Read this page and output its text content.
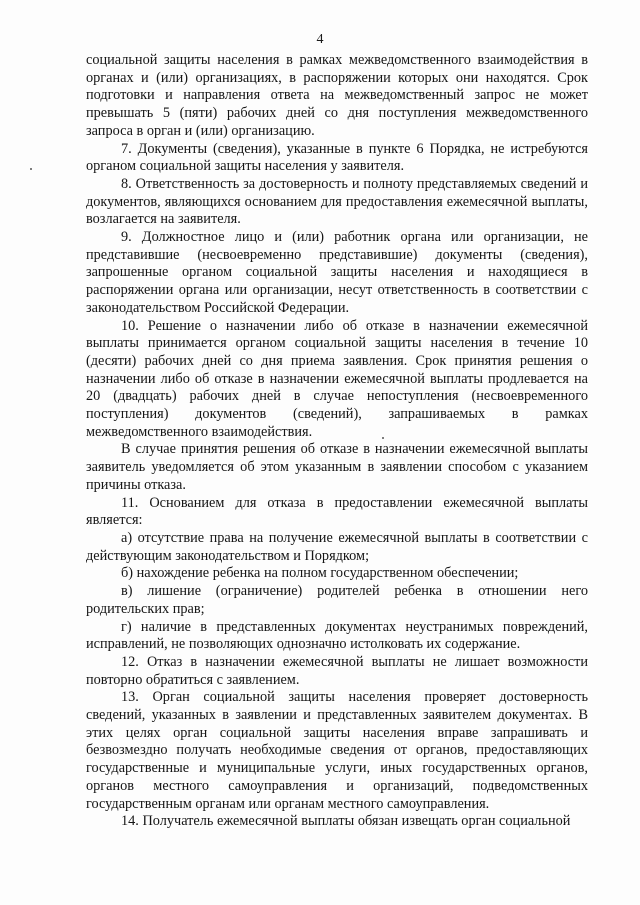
4

социальной защиты населения в рамках межведомственного взаимодействия в органах и (или) организациях, в распоряжении которых они находятся. Срок подготовки и направления ответа на межведомственный запрос не может превышать 5 (пяти) рабочих дней со дня поступления межведомственного запроса в орган и (или) организацию.

7. Документы (сведения), указанные в пункте 6 Порядка, не истребуются органом социальной защиты населения у заявителя.

8. Ответственность за достоверность и полноту представляемых сведений и документов, являющихся основанием для предоставления ежемесячной выплаты, возлагается на заявителя.

9. Должностное лицо и (или) работник органа или организации, не представившие (несвоевременно представившие) документы (сведения), запрошенные органом социальной защиты населения и находящиеся в распоряжении органа или организации, несут ответственность в соответствии с законодательством Российской Федерации.

10. Решение о назначении либо об отказе в назначении ежемесячной выплаты принимается органом социальной защиты населения в течение 10 (десяти) рабочих дней со дня приема заявления. Срок принятия решения о назначении либо об отказе в назначении ежемесячной выплаты продлевается на 20 (двадцать) рабочих дней в случае непоступления (несвоевременного поступления) документов (сведений), запрашиваемых в рамках межведомственного взаимодействия.

В случае принятия решения об отказе в назначении ежемесячной выплаты заявитель уведомляется об этом указанным в заявлении способом с указанием причины отказа.

11. Основанием для отказа в предоставлении ежемесячной выплаты является:

а) отсутствие права на получение ежемесячной выплаты в соответствии с действующим законодательством и Порядком;

б) нахождение ребенка на полном государственном обеспечении;

в) лишение (ограничение) родителей ребенка в отношении него родительских прав;

г) наличие в представленных документах неустранимых повреждений, исправлений, не позволяющих однозначно истолковать их содержание.

12. Отказ в назначении ежемесячной выплаты не лишает возможности повторно обратиться с заявлением.

13. Орган социальной защиты населения проверяет достоверность сведений, указанных в заявлении и представленных заявителем документах. В этих целях орган социальной защиты населения вправе запрашивать и безвозмездно получать необходимые сведения от органов, предоставляющих государственные и муниципальные услуги, иных государственных органов, органов местного самоуправления и организаций, подведомственных государственным органам или органам местного самоуправления.

14. Получатель ежемесячной выплаты обязан извещать орган социальной
